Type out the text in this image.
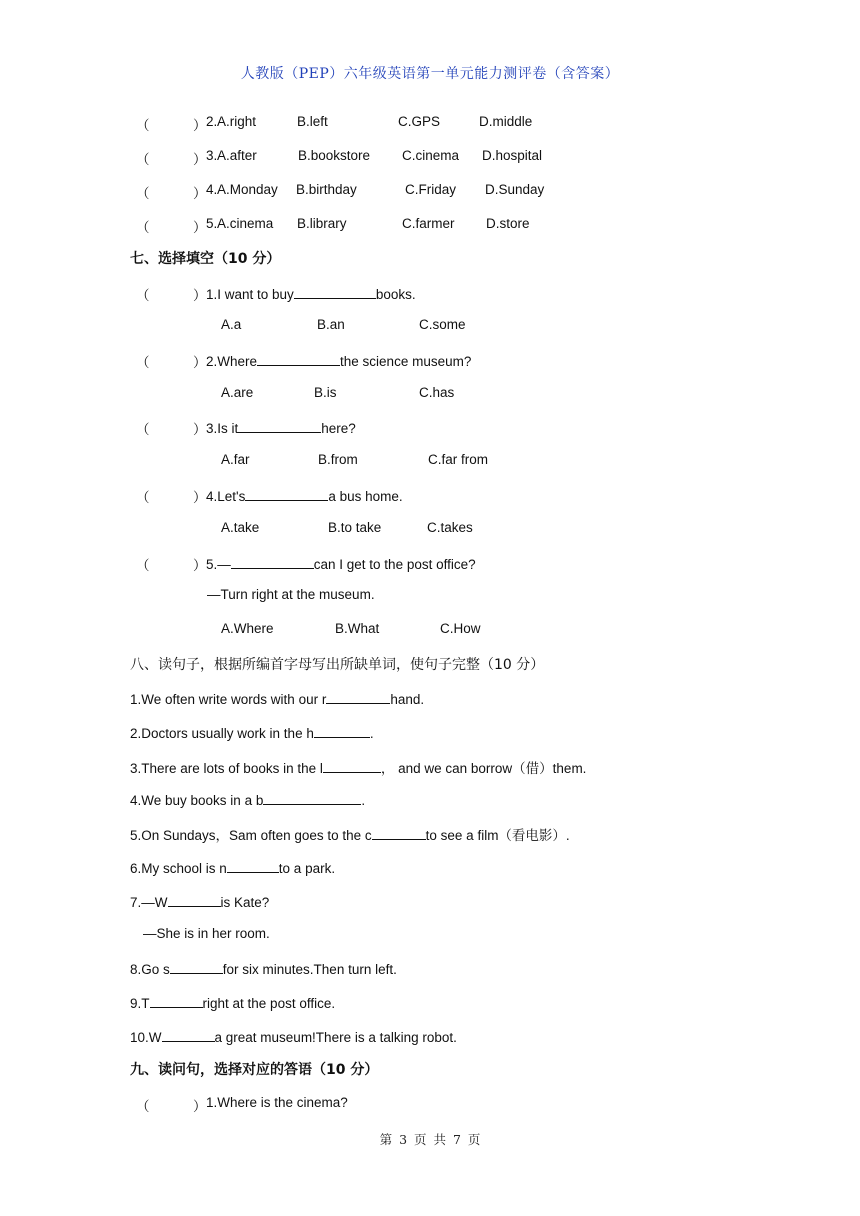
人教版（PEP）六年级英语第一单元能力测评卷（含答案）
（	） 2. A.right	B.left	C.GPS	D.middle
（	） 3. A.after	B.bookstore C.cinema D.hospital
（	） 4. A.Monday B.birthday	C.Friday D.Sunday
（	） 5. A.cinema B.library	C.farmer D.store
七、选择填空（10 分）
（	） 1.I want to buy	books.
A.a	B.an	C.some
（	） 2.Where	the science museum?
A.are	B.is	C.has
（	） 3.Is it	here?
A.far	B.from	C.far from
（	） 4.Let's	a bus home.
A.take	B.to take	C.takes
（	） 5.—	can I get to the post office?
—Turn right at the museum.
A.Where	B.What	C.How
八、读句子，根据所编首字母写出所缺单词，使句子完整（10 分）
1.We often write words with our r	hand.
2.Doctors usually work in the h	.
3.There are lots of books in the l	， and we can borrow（借）them.
4.We buy books in a b	.
5.On Sundays，Sam often goes to the c	to see a film（看电影）.
6.My school is n	to a park.
7.—W	is Kate?
—She is in her room.
8.Go s	for six minutes.Then turn left.
9.T	right at the post office.
10.W	a great museum!There is a talking robot.
九、读问句，选择对应的答语（10 分）
（	） 1.Where is the cinema?
第 3 页 共 7 页
